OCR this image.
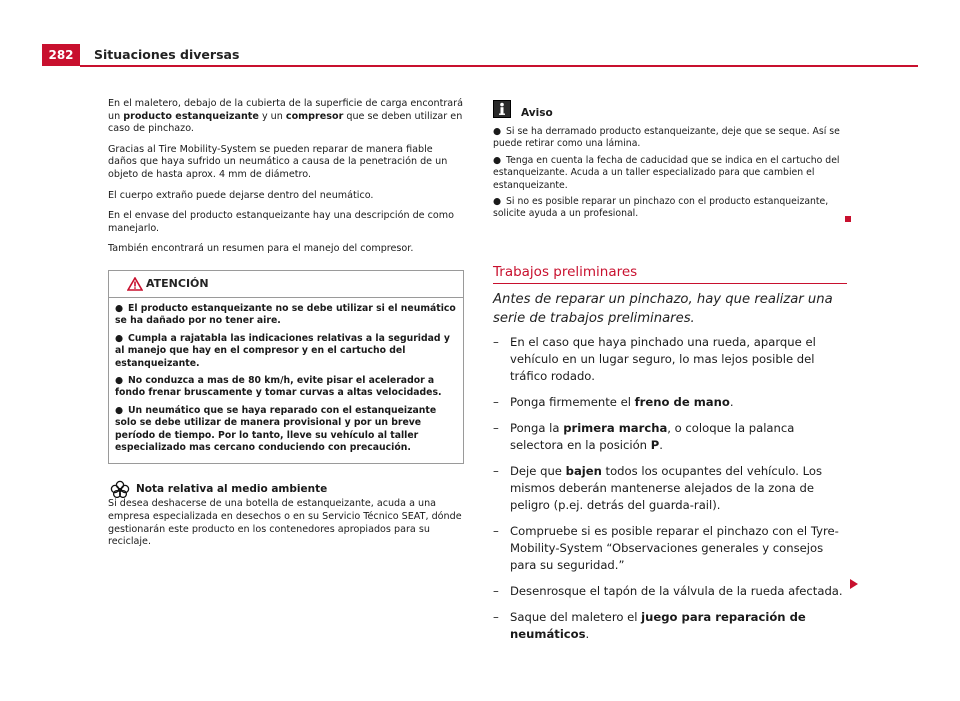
282	Situaciones diversas

En el maletero, debajo de la cubierta de la superficie de carga encontrará un producto estanqueizante y un compresor que se deben utilizar en caso de pinchazo.

Gracias al Tire Mobility-System se pueden reparar de manera fiable daños que haya sufrido un neumático a causa de la penetración de un objeto de hasta aprox. 4 mm de diámetro.

El cuerpo extraño puede dejarse dentro del neumático.

En el envase del producto estanqueizante hay una descripción de como manejarlo.

También encontrará un resumen para el manejo del compresor.

ATENCIÓN
● El producto estanqueizante no se debe utilizar si el neumático se ha dañado por no tener aire.
● Cumpla a rajatabla las indicaciones relativas a la seguridad y al manejo que hay en el compresor y en el cartucho del estanqueizante.
● No conduzca a mas de 80 km/h, evite pisar el acelerador a fondo frenar bruscamente y tomar curvas a altas velocidades.
● Un neumático que se haya reparado con el estanqueizante solo se debe utilizar de manera provisional y por un breve período de tiempo. Por lo tanto, lleve su vehículo al taller especializado mas cercano conduciendo con precaución.
Nota relativa al medio ambiente

Si desea deshacerse de una botella de estanqueizante, acuda a una empresa especializada en desechos o en su Servicio Técnico SEAT, dónde gestionarán este producto en los contenedores apropiados para su reciclaje.

Aviso
● Si se ha derramado producto estanqueizante, deje que se seque. Así se puede retirar como una lámina.
● Tenga en cuenta la fecha de caducidad que se indica en el cartucho del estanqueizante. Acuda a un taller especializado para que cambien el estanqueizante.
● Si no es posible reparar un pinchazo con el producto estanqueizante, solicite ayuda a un profesional.
Trabajos preliminares
Antes de reparar un pinchazo, hay que realizar una serie de trabajos preliminares.
– En el caso que haya pinchado una rueda, aparque el vehículo en un lugar seguro, lo mas lejos posible del tráfico rodado.
– Ponga firmemente el freno de mano.
– Ponga la primera marcha, o coloque la palanca selectora en la posición P.
– Deje que bajen todos los ocupantes del vehículo. Los mismos deberán mantenerse alejados de la zona de peligro (p.ej. detrás del guarda-rail).
– Compruebe si es posible reparar el pinchazo con el Tyre-Mobility-System “Observaciones generales y consejos para su seguridad.”
– Desenrosque el tapón de la válvula de la rueda afectada.
– Saque del maletero el juego para reparación de neumáticos.
